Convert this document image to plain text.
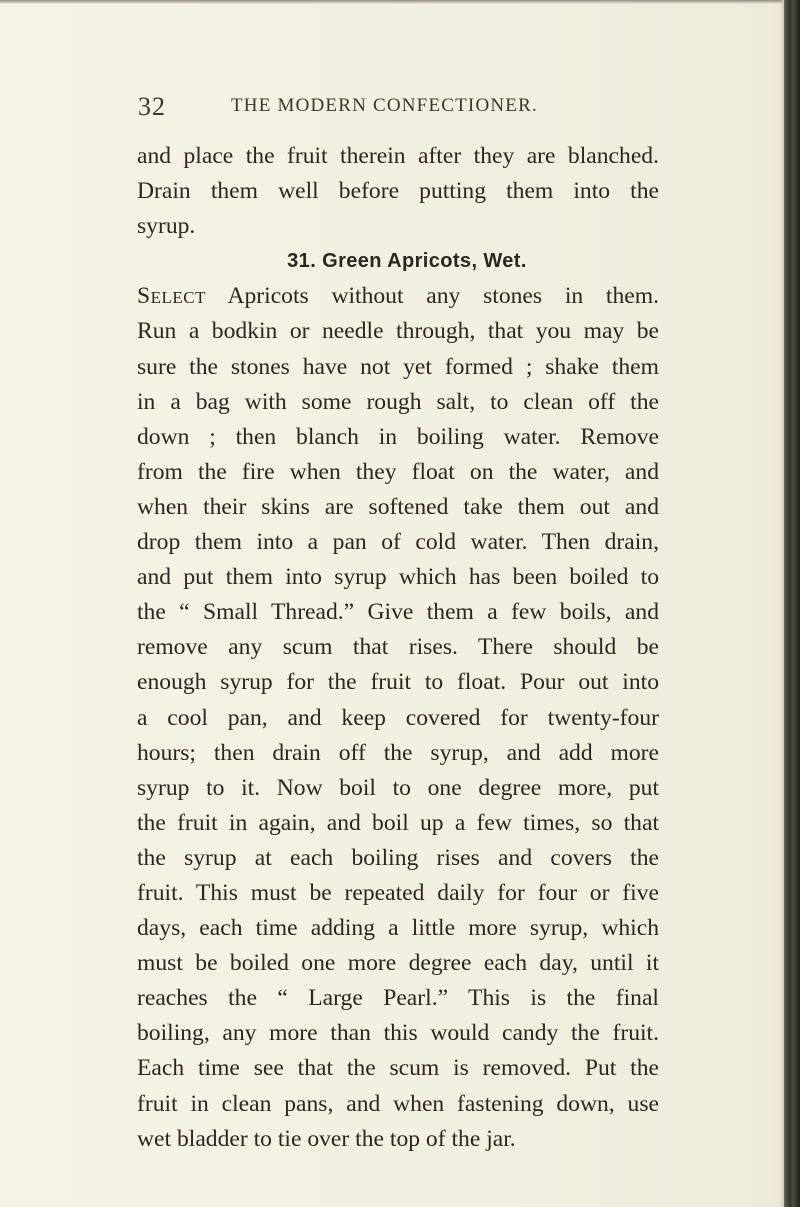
32	THE MODERN CONFECTIONER.
and place the fruit therein after they are blanched.
Drain them well before putting them into the
syrup.
31. Green Apricots, Wet.
Select Apricots without any stones in them.
Run a bodkin or needle through, that you may be
sure the stones have not yet formed ; shake them
in a bag with some rough salt, to clean off the
down ; then blanch in boiling water. Remove
from the fire when they float on the water, and
when their skins are softened take them out and
drop them into a pan of cold water. Then drain,
and put them into syrup which has been boiled to
the “ Small Thread.” Give them a few boils, and
remove any scum that rises. There should be
enough syrup for the fruit to float. Pour out into
a cool pan, and keep covered for twenty-four
hours; then drain off the syrup, and add more
syrup to it. Now boil to one degree more, put
the fruit in again, and boil up a few times, so that
the syrup at each boiling rises and covers the
fruit. This must be repeated daily for four or five
days, each time adding a little more syrup, which
must be boiled one more degree each day, until it
reaches the “ Large Pearl.” This is the final
boiling, any more than this would candy the fruit.
Each time see that the scum is removed. Put the
fruit in clean pans, and when fastening down, use
wet bladder to tie over the top of the jar.
